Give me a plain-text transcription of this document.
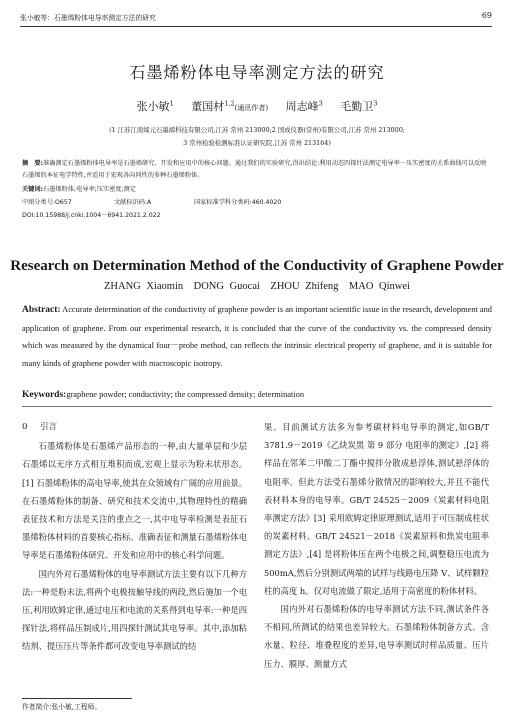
张小敏等：石墨烯粉体电导率测定方法的研究	69
石墨烯粉体电导率测定方法的研究
张小敏$^1$ 董国材$^{1,2}$(通讯作者) 周志峰$^3$ 毛勤卫$^3$
(1 江苏江南烯元石墨烯科技有限公司,江苏 常州 213000;2 国成仪器(常州)有限公司,江苏 常州 213000;
3 常州检验检测标准认证研究院,江苏 常州 213164)
摘　要:准确测定石墨烯粉体电导率是石墨烯研究、开发和应用中的核心问题。通过我们的实验研究,得出结论:利用动态四探针法测定电导率－压实密度的关系曲线可以反映石墨烯的本征电学特性,并适用于宏观各向同性的多种石墨烯粉体。
关键词:石墨烯粉体;电导率;压实密度;测定
中图分类号:O657	文献标识码:A	国家标准学科分类码:460.4020
DOI:10.15988/j.cnki.1004－6941.2021.2.022
Research on Determination Method of the Conductivity of Graphene Powder
ZHANG Xiaomin　DONG Guocai　ZHOU Zhifeng　MAO Qinwei
Abstract: Accurate determination of the conductivity of graphene powder is an important scientific issue in the research, development and application of graphene. From our experimental research, it is concluded that the curve of the conductivity vs. the compressed density which was measured by the dynamical four－probe method, can reflects the intrinsic electrical property of graphene, and it is suitable for many kinds of graphene powder with macroscopic isotropy.
Keywords:graphene powder; conductivity; the compressed density; determination
0 引言

石墨烯粉体是石墨烯产品形态的一种,由大量单层和少层石墨烯以无序方式相互堆积而成,宏观上显示为粉末状形态。[1] 石墨烯粉体的高电导率,使其在众领域有广阔的应用前景。在石墨烯粉体的制备、研究和技术交流中,其物理特性的精确表征技术和方法是关注的重点之一,其中电导率检测是表征石墨烯粉体材料的首要核心指标。准确表征和测量石墨烯粉体电导率是石墨烯粉体研究、开发和应用中的核心科学问题。

国内外对石墨烯粉体的电导率测试方法主要有以下几种方法:一种是粉末法,将两个电极按触导线的两段,然后施加一个电压,利用欧姆定律,通过电压和电流的关系得到电导率:一种是四探针法,将样品压制成片,用四探针测试其电导率。其中,添加粘结剂、提压压片等条件都可改变电导率测试的结

果。目前测试方法多为参考碳材料电导率的测定,如GB/T 3781.9－2019《乙炔炭黑 第 9 部分 电阻率的测定》,[2] 将样品在邻苯二甲酸二丁酯中搅拌分散成悬浮体,测试悬浮体的电阻率。但此方法受石墨烯分散情况的影响较大,并且不能代表材料本身的电导率。GB/T 24525－2009《炭素材料电阻率测定方法》[3] 采用欧姆定律原理测试,适用于可压制成柱状的炭素材料。GB/T 24521－2018《炭素原料和焦炭电阻率测定方法》,[4] 是将粉体压在两个电极之间,调整稳压电流为 500mA,然后分别测试两端的试样与线路电压降 V、试样颗粒柱的高度 h。仅对电流做了限定,适用于高密度的粉体材料。

国内外对石墨烯粉体的电导率测试方法不同,测试条件各不相同,所测试的结果也差异较大。石墨烯粉体制备方式、含水量、粒径、堆叠程度的差异,电导率测试时样品质量、压片压力、膜厚、测量方式

作者简介:张小敏,工程师。
